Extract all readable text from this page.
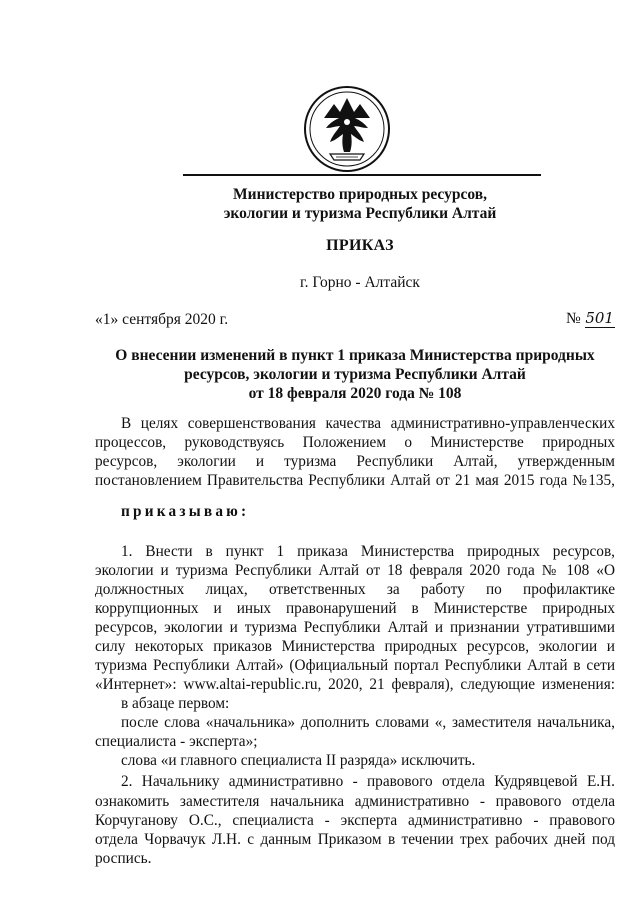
Министерство природных ресурсов,
экологии и туризма Республики Алтай
ПРИКАЗ
г. Горно - Алтайск
«1» сентября 2020 г.	№ 501
О внесении изменений в пункт 1 приказа Министерства природных
ресурсов, экологии и туризма Республики Алтай
от 18 февраля 2020 года № 108
В целях совершенствования качества административно-управленческих
процессов, руководствуясь Положением о Министерстве природных
ресурсов, экологии и туризма Республики Алтай, утвержденным
постановлением Правительства Республики Алтай от 21 мая 2015 года №135,
приказываю:
1. Внести в пункт 1 приказа Министерства природных ресурсов,
экологии и туризма Республики Алтай от 18 февраля 2020 года № 108 «О
должностных лицах, ответственных за работу по профилактике
коррупционных и иных правонарушений в Министерстве природных
ресурсов, экологии и туризма Республики Алтай и признании утратившими
силу некоторых приказов Министерства природных ресурсов, экологии и
туризма Республики Алтай» (Официальный портал Республики Алтай в сети
«Интернет»: www.altai-republic.ru, 2020, 21 февраля), следующие изменения:
в абзаце первом:
после слова «начальника» дополнить словами «, заместителя начальника,
специалиста - эксперта»;
слова «и главного специалиста II разряда» исключить.
2. Начальнику административно - правового отдела Кудрявцевой Е.Н.
ознакомить заместителя начальника административно - правового отдела
Корчуганову О.С., специалиста - эксперта административно - правового
отдела Чорвачук Л.Н. с данным Приказом в течении трех рабочих дней под
роспись.
